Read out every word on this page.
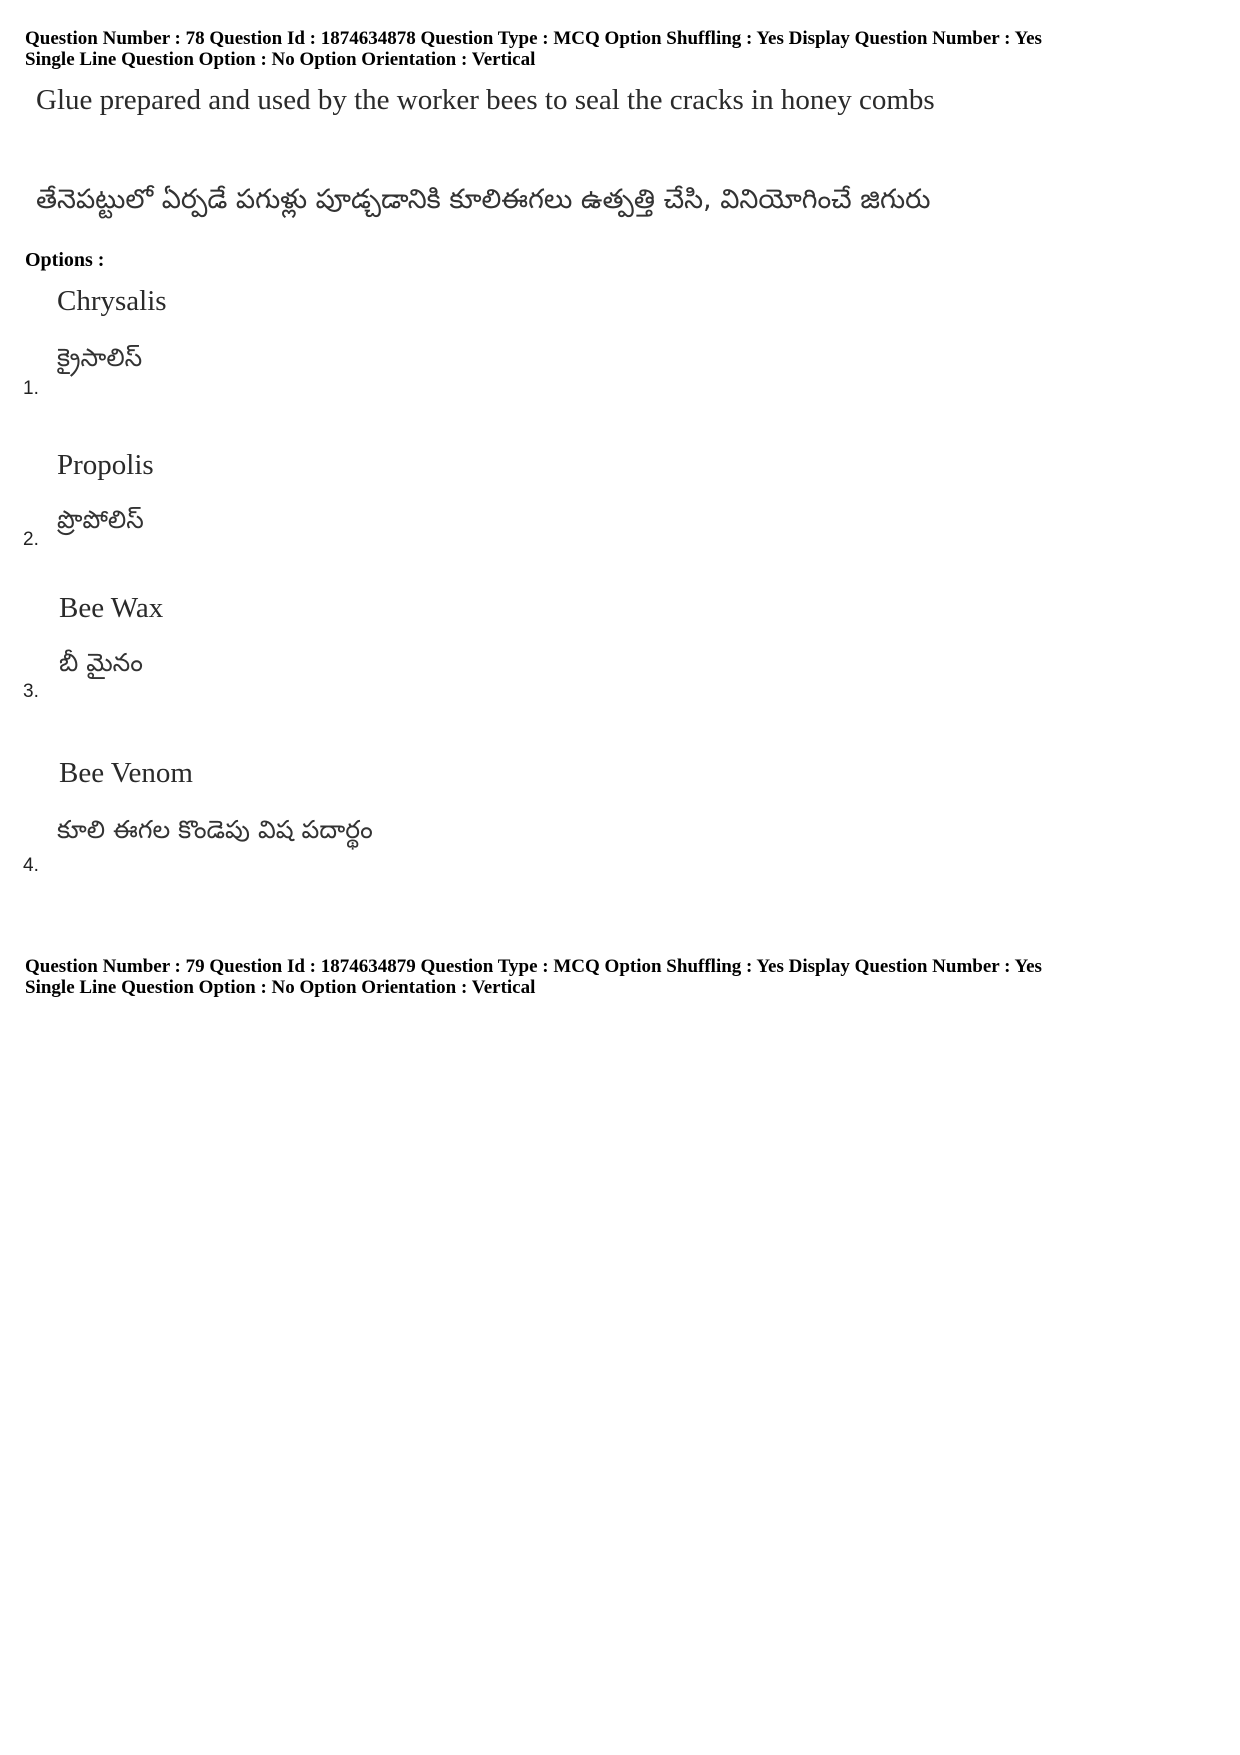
Question Number : 78 Question Id : 1874634878 Question Type : MCQ Option Shuffling : Yes Display Question Number : Yes
Single Line Question Option : No Option Orientation : Vertical
Glue prepared and used by the worker bees to seal the cracks in honey combs
తేనెపట్టులో ఏర్పడే పగుళ్లు పూడ్చడానికి కూలిఈగలు ఉత్పత్తి చేసి, వినియోగించే జిగురు
Options :
Chrysalis
క్రైసాలిస్
1.
Propolis
ప్రొపోలిస్
2.
Bee Wax
బీ మైనం
3.
Bee Venom
కూలి ఈగల కొండెపు విష పదార్థం
4.
Question Number : 79 Question Id : 1874634879 Question Type : MCQ Option Shuffling : Yes Display Question Number : Yes
Single Line Question Option : No Option Orientation : Vertical
